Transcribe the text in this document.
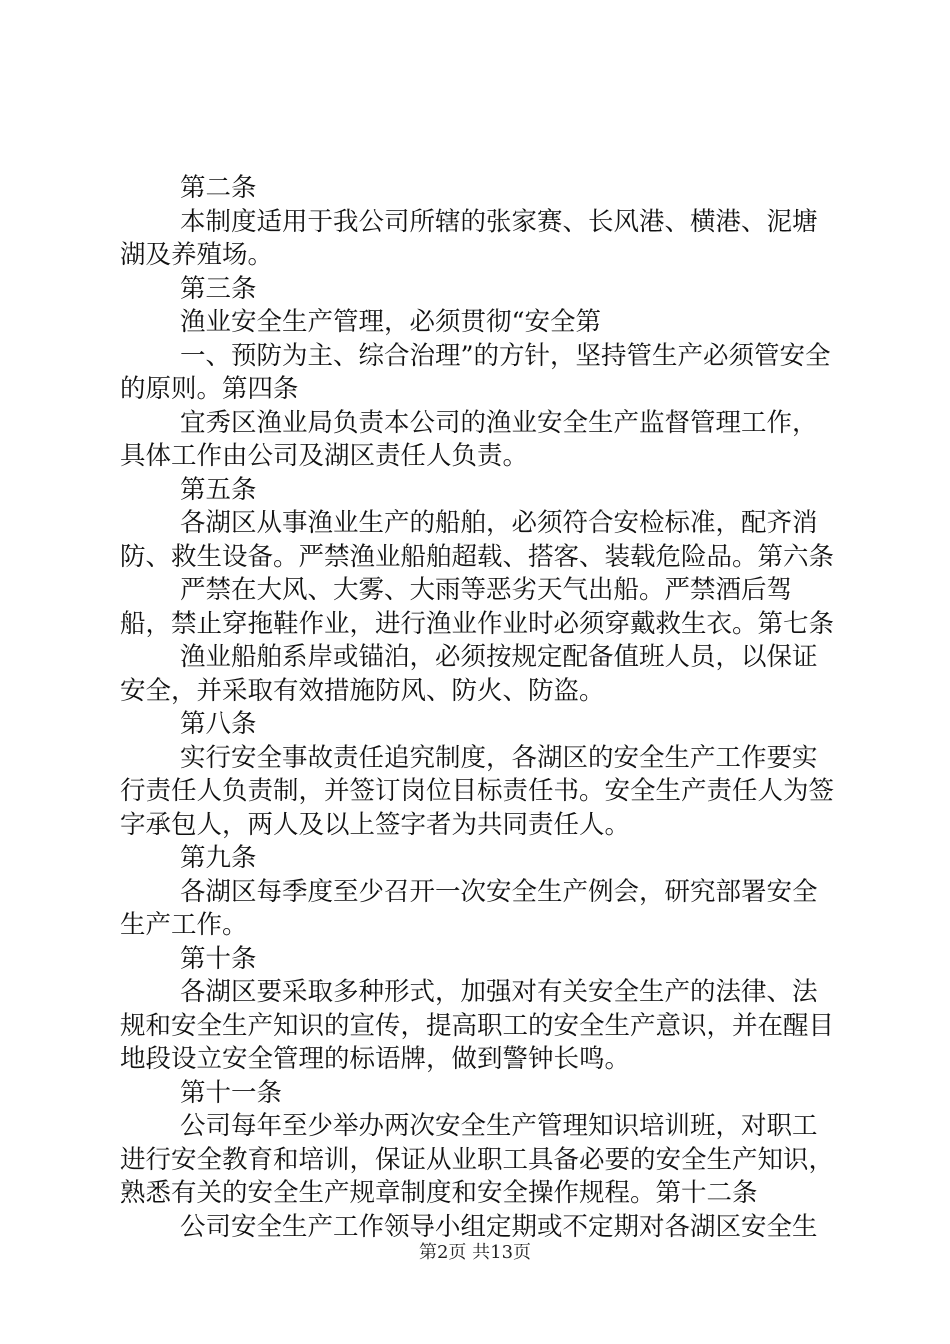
第二条

本制度适用于我公司所辖的张家赛、长风港、横港、泥塘湖及养殖场。

第三条

渔业安全生产管理，必须贯彻“安全第

一、预防为主、综合治理”的方针，坚持管生产必须管安全的原则。第四条

宜秀区渔业局负责本公司的渔业安全生产监督管理工作，具体工作由公司及湖区责任人负责。

第五条

各湖区从事渔业生产的船舶，必须符合安检标准，配齐消防、救生设备。严禁渔业船舶超载、搭客、装载危险品。第六条

严禁在大风、大雾、大雨等恶劣天气出船。严禁酒后驾船，禁止穿拖鞋作业，进行渔业作业时必须穿戴救生衣。第七条

渔业船舶系岸或锚泊，必须按规定配备值班人员，以保证安全，并采取有效措施防风、防火、防盗。

第八条

实行安全事故责任追究制度，各湖区的安全生产工作要实行责任人负责制，并签订岗位目标责任书。安全生产责任人为签字承包人，两人及以上签字者为共同责任人。

第九条

各湖区每季度至少召开一次安全生产例会，研究部署安全生产工作。

第十条

各湖区要采取多种形式，加强对有关安全生产的法律、法规和安全生产知识的宣传，提高职工的安全生产意识，并在醒目地段设立安全管理的标语牌，做到警钟长鸣。

第十一条

公司每年至少举办两次安全生产管理知识培训班，对职工进行安全教育和培训，保证从业职工具备必要的安全生产知识，熟悉有关的安全生产规章制度和安全操作规程。第十二条

公司安全生产工作领导小组定期或不定期对各湖区安全生

第2页 共13页
